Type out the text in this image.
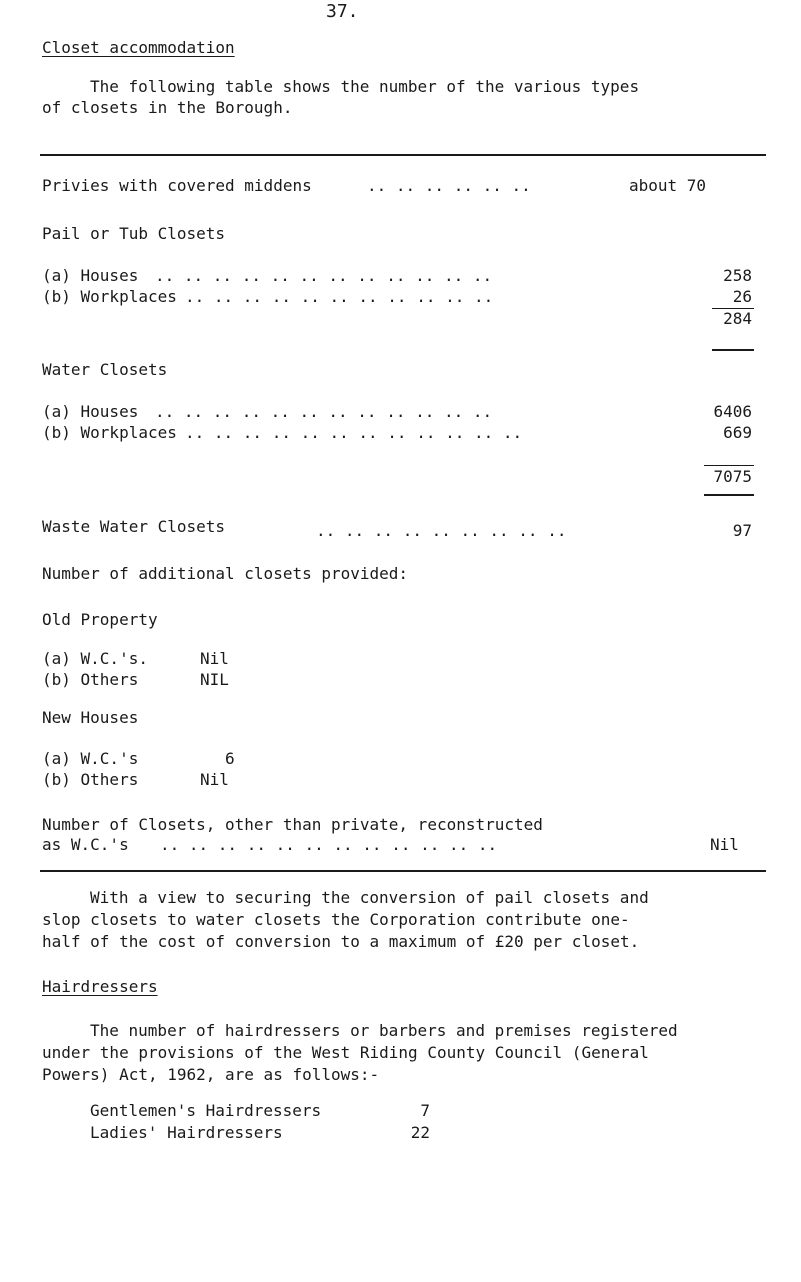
37.
Closet accommodation
The following table shows the number of the various types
of closets in the Borough.
Privies with covered middens	.. .. .. .. .. ..	about 70
Pail or Tub Closets
(a) Houses .. .. .. .. .. .. .. .. .. .. .. ..	258
(b) Workplaces .. .. .. .. .. .. .. .. .. .. ..	26
284
Water Closets
(a) Houses .. .. .. .. .. .. .. .. .. .. .. ..	6406
(b) Workplaces .. .. .. .. .. .. .. .. .. .. .. ..	669
7075
Waste Water Closets	.. .. .. .. .. .. .. .. ..	97
Number of additional closets provided:
Old Property
(a) W.C.'s.	Nil
(b) Others	NIL
New Houses
(a) W.C.'s	6
(b) Others	Nil
Number of Closets, other than private, reconstructed
as W.C.'s .. .. .. .. .. .. .. .. .. .. .. ..	Nil
With a view to securing the conversion of pail closets and
slop closets to water closets the Corporation contribute one-
half of the cost of conversion to a maximum of £20 per closet.
Hairdressers
The number of hairdressers or barbers and premises registered
under the provisions of the West Riding County Council (General
Powers) Act, 1962, are as follows:-
Gentlemen's Hairdressers	7
Ladies' Hairdressers	22
